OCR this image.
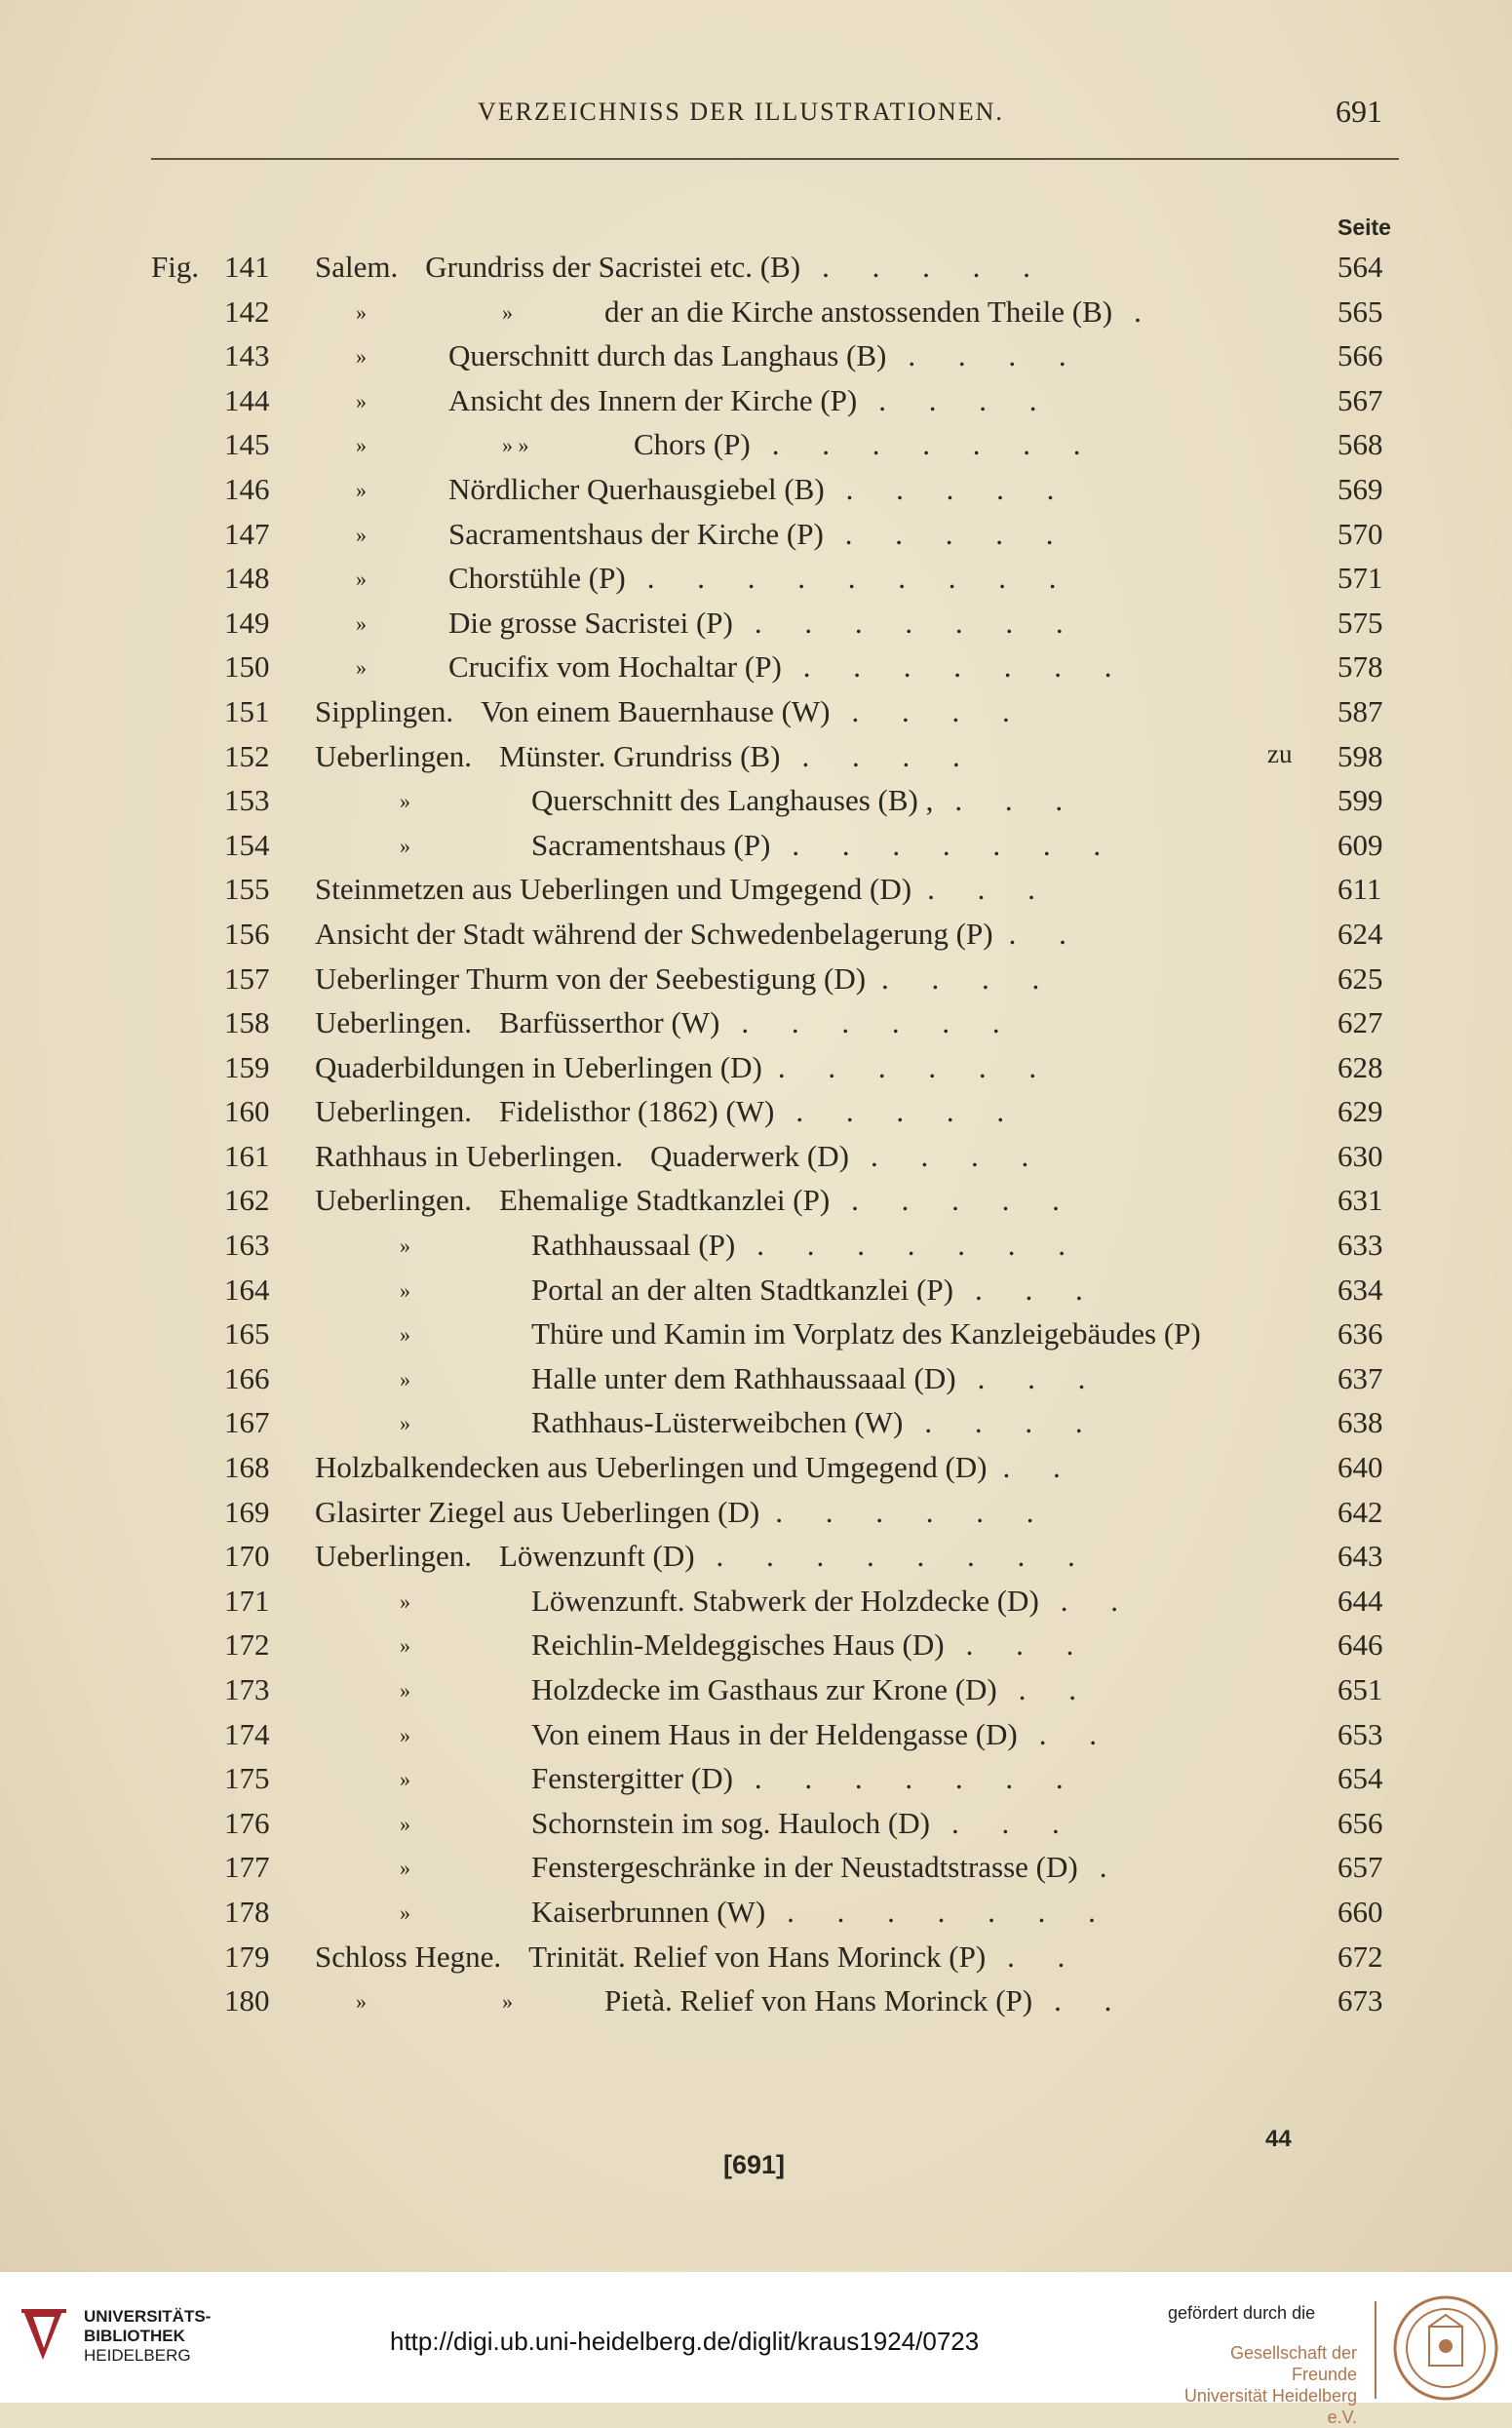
VERZEICHNISS DER ILLUSTRATIONEN.	691
Seite
Fig. 141	Salem. Grundriss der Sacristei etc. (B) . . . . .	564
142	»	»	der an die Kirche anstossenden Theile (B) .	565
143	»	Querschnitt durch das Langhaus (B) . . . .	566
144	»	Ansicht des Innern der Kirche (P) . . . .	567
145	»	» »	Chors (P) . . . . . . .	568
146	»	Nördlicher Querhausgiebel (B) . . . . .	569
147	»	Sacramentshaus der Kirche (P) . . . . .	570
148	»	Chorstühle (P) . . . . . . . . .	571
149	»	Die grosse Sacristei (P) . . . . . . .	575
150	»	Crucifix vom Hochaltar (P) . . . . . . .	578
151	Sipplingen. Von einem Bauernhause (W) . . . .	587
152	Ueberlingen. Münster. Grundriss (B) . . . .	zu 598
153	»	Querschnitt des Langhauses (B) , . . .	599
154	»	Sacramentshaus (P) . . . . . . .	609
155	Steinmetzen aus Ueberlingen und Umgegend (D) . . .	611
156	Ansicht der Stadt während der Schwedenbelagerung (P) . .	624
157	Ueberlinger Thurm von der Seebestigung (D) . . . .	625
158	Ueberlingen. Barfüsserthor (W) . . . . . .	627
159	Quaderbildungen in Ueberlingen (D) . . . . . .	628
160	Ueberlingen. Fidelisthor (1862) (W) . . . . .	629
161	Rathhaus in Ueberlingen. Quaderwerk (D) . . . .	630
162	Ueberlingen. Ehemalige Stadtkanzlei (P) . . . . .	631
163	»	Rathhaussaal (P) . . . . . . .	633
164	»	Portal an der alten Stadtkanzlei (P) . . .	634
165	»	Thüre und Kamin im Vorplatz des Kanzleigebäudes (P)	636
166	»	Halle unter dem Rathhaussaaal (D) . . .	637
167	»	Rathhaus-Lüsterweibchen (W) . . . .	638
168	Holzbalkendecken aus Ueberlingen und Umgegend (D) . .	640
169	Glasirter Ziegel aus Ueberlingen (D) . . . . . .	642
170	Ueberlingen. Löwenzunft (D) . . . . . . . .	643
171	»	Löwenzunft. Stabwerk der Holzdecke (D) . .	644
172	»	Reichlin-Meldeggisches Haus (D) . . .	646
173	»	Holzdecke im Gasthaus zur Krone (D) . .	651
174	»	Von einem Haus in der Heldengasse (D) . .	653
175	»	Fenstergitter (D) . . . . . . .	654
176	»	Schornstein im sog. Hauloch (D) . . .	656
177	»	Fenstergeschränke in der Neustadtstrasse (D) .	657
178	»	Kaiserbrunnen (W) . . . . . . .	660
179	Schloss Hegne. Trinität. Relief von Hans Morinck (P) . .	672
180	»	»	Pietà. Relief von Hans Morinck (P) . .	673
44
[691]
UNIVERSITÄTS-
BIBLIOTHEK
HEIDELBERG	http://digi.ub.uni-heidelberg.de/diglit/kraus1924/0723
gefördert durch die
Gesellschaft der Freunde
Universität Heidelberg e.V.
